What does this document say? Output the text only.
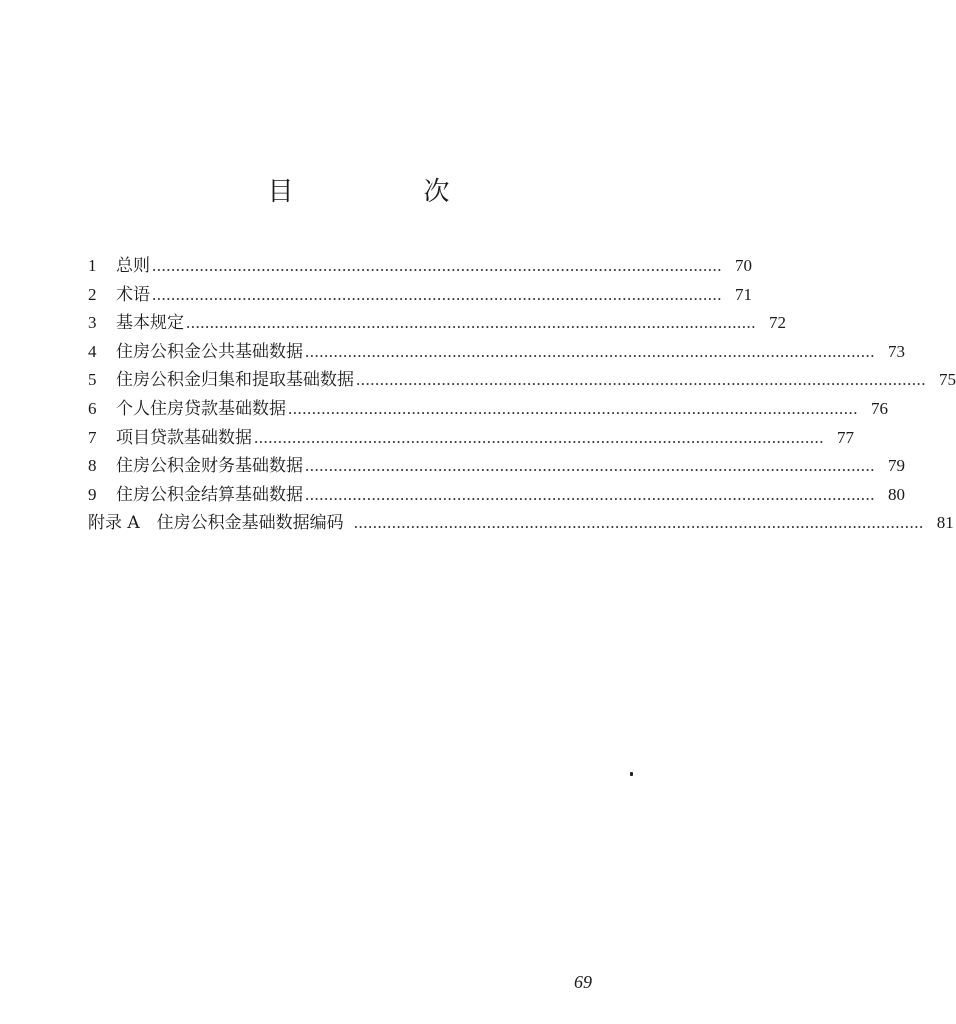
目　次
1	总则 ........................................................................................................................ 70
2	术语 ........................................................................................................................ 71
3	基本规定 ........................................................................................................................ 72
4	住房公积金公共基础数据 ........................................................................................................................ 73
5	住房公积金归集和提取基础数据 ........................................................................................................................ 75
6	个人住房贷款基础数据 ........................................................................................................................ 76
7	项目贷款基础数据 ........................................................................................................................ 77
8	住房公积金财务基础数据 ........................................................................................................................ 79
9	住房公积金结算基础数据 ........................................................................................................................ 80
附录 A　住房公积金基础数据编码 ........................................................................................................................ 81
69
